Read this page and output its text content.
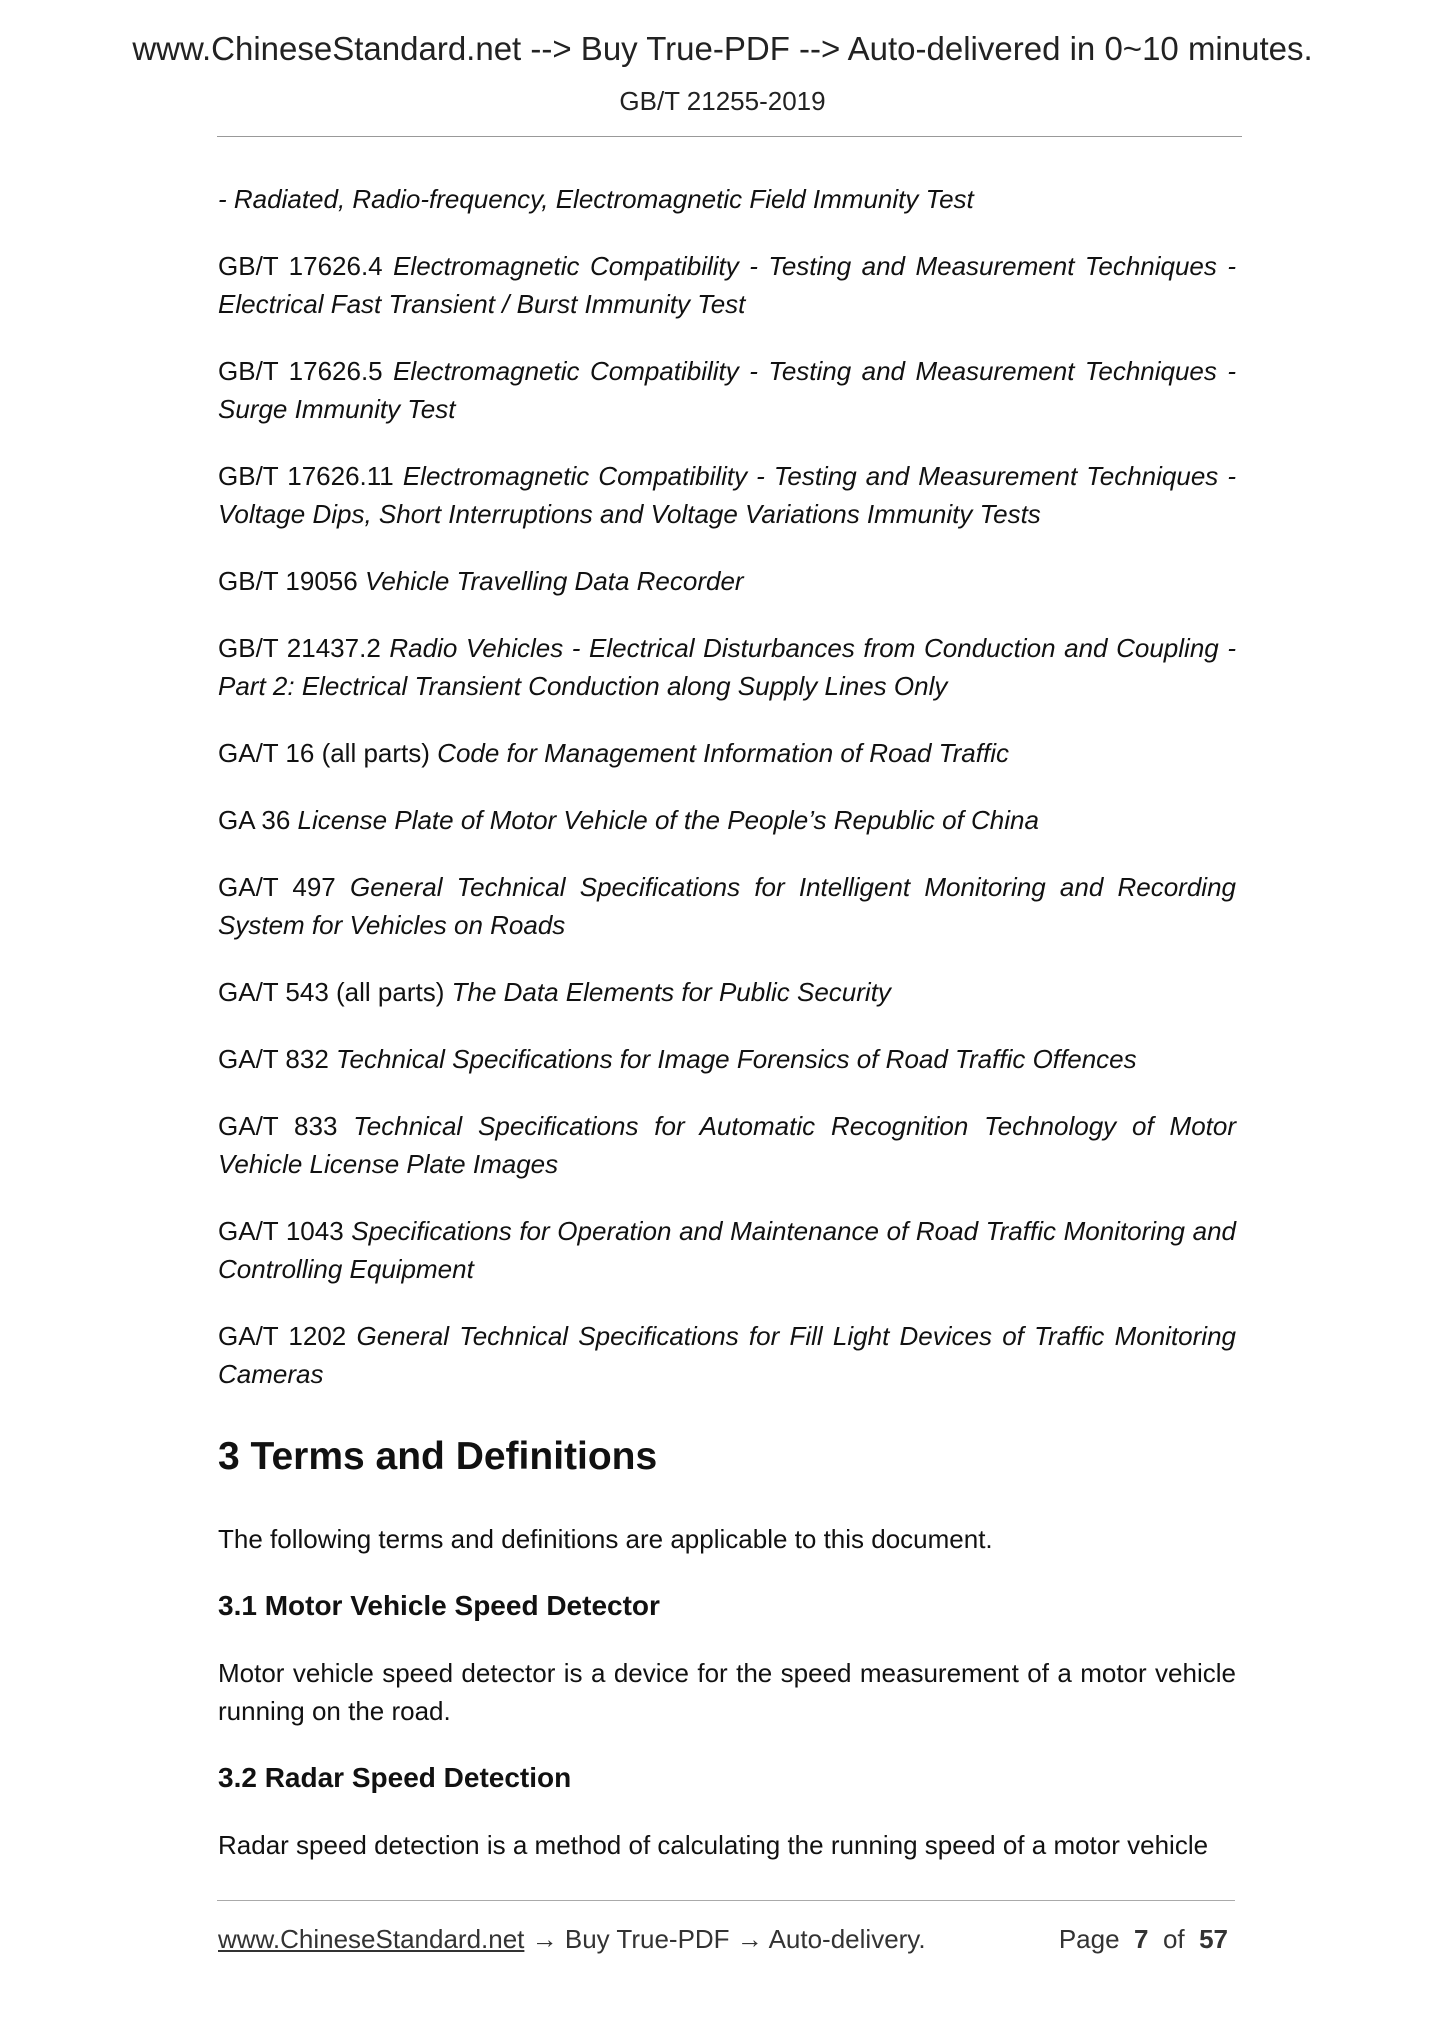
www.ChineseStandard.net --> Buy True-PDF --> Auto-delivered in 0~10 minutes.
GB/T 21255-2019
- Radiated, Radio-frequency, Electromagnetic Field Immunity Test
GB/T 17626.4 Electromagnetic Compatibility - Testing and Measurement Techniques - Electrical Fast Transient / Burst Immunity Test
GB/T 17626.5 Electromagnetic Compatibility - Testing and Measurement Techniques - Surge Immunity Test
GB/T 17626.11 Electromagnetic Compatibility - Testing and Measurement Techniques - Voltage Dips, Short Interruptions and Voltage Variations Immunity Tests
GB/T 19056 Vehicle Travelling Data Recorder
GB/T 21437.2 Radio Vehicles - Electrical Disturbances from Conduction and Coupling - Part 2: Electrical Transient Conduction along Supply Lines Only
GA/T 16 (all parts) Code for Management Information of Road Traffic
GA 36 License Plate of Motor Vehicle of the People’s Republic of China
GA/T 497 General Technical Specifications for Intelligent Monitoring and Recording System for Vehicles on Roads
GA/T 543 (all parts) The Data Elements for Public Security
GA/T 832 Technical Specifications for Image Forensics of Road Traffic Offences
GA/T 833 Technical Specifications for Automatic Recognition Technology of Motor Vehicle License Plate Images
GA/T 1043 Specifications for Operation and Maintenance of Road Traffic Monitoring and Controlling Equipment
GA/T 1202 General Technical Specifications for Fill Light Devices of Traffic Monitoring Cameras
3 Terms and Definitions
The following terms and definitions are applicable to this document.
3.1 Motor Vehicle Speed Detector
Motor vehicle speed detector is a device for the speed measurement of a motor vehicle running on the road.
3.2 Radar Speed Detection
Radar speed detection is a method of calculating the running speed of a motor vehicle
www.ChineseStandard.net → Buy True-PDF → Auto-delivery.	Page 7 of 57
